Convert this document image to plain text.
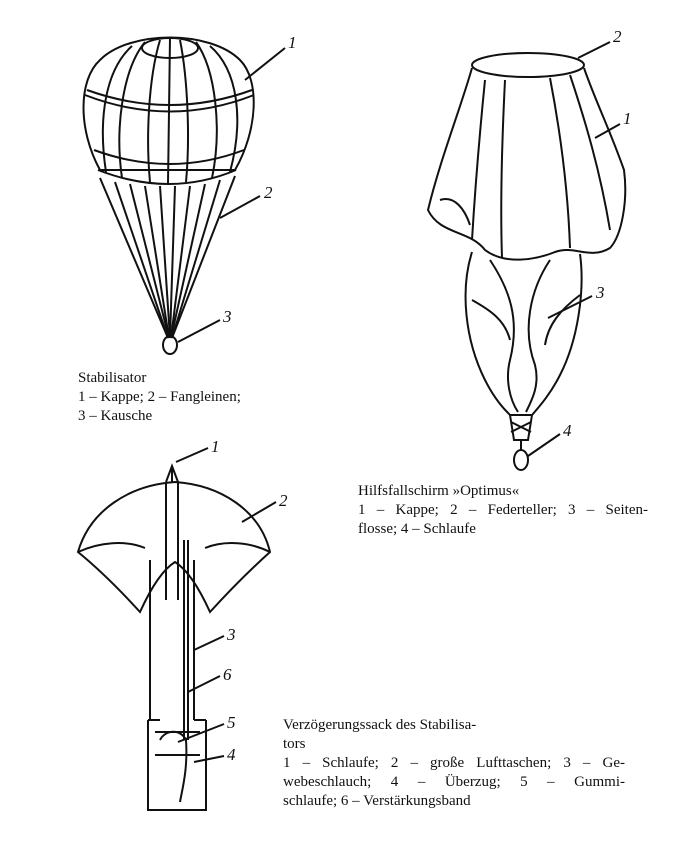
1
2
3
Stabilisator
1 – Kappe; 2 – Fangleinen;
3 – Kausche
2
1
3
4
Hilfsfallschirm »Optimus«
1 – Kappe; 2 – Federteller; 3 – Seiten-
flosse; 4 – Schlaufe
1
2
3
6
5
4
Verzögerungssack des Stabilisa-
tors
1 – Schlaufe; 2 – große Lufttaschen; 3 – Ge-
webeschlauch; 4 – Überzug; 5 – Gummi-
schlaufe; 6 – Verstärkungsband
